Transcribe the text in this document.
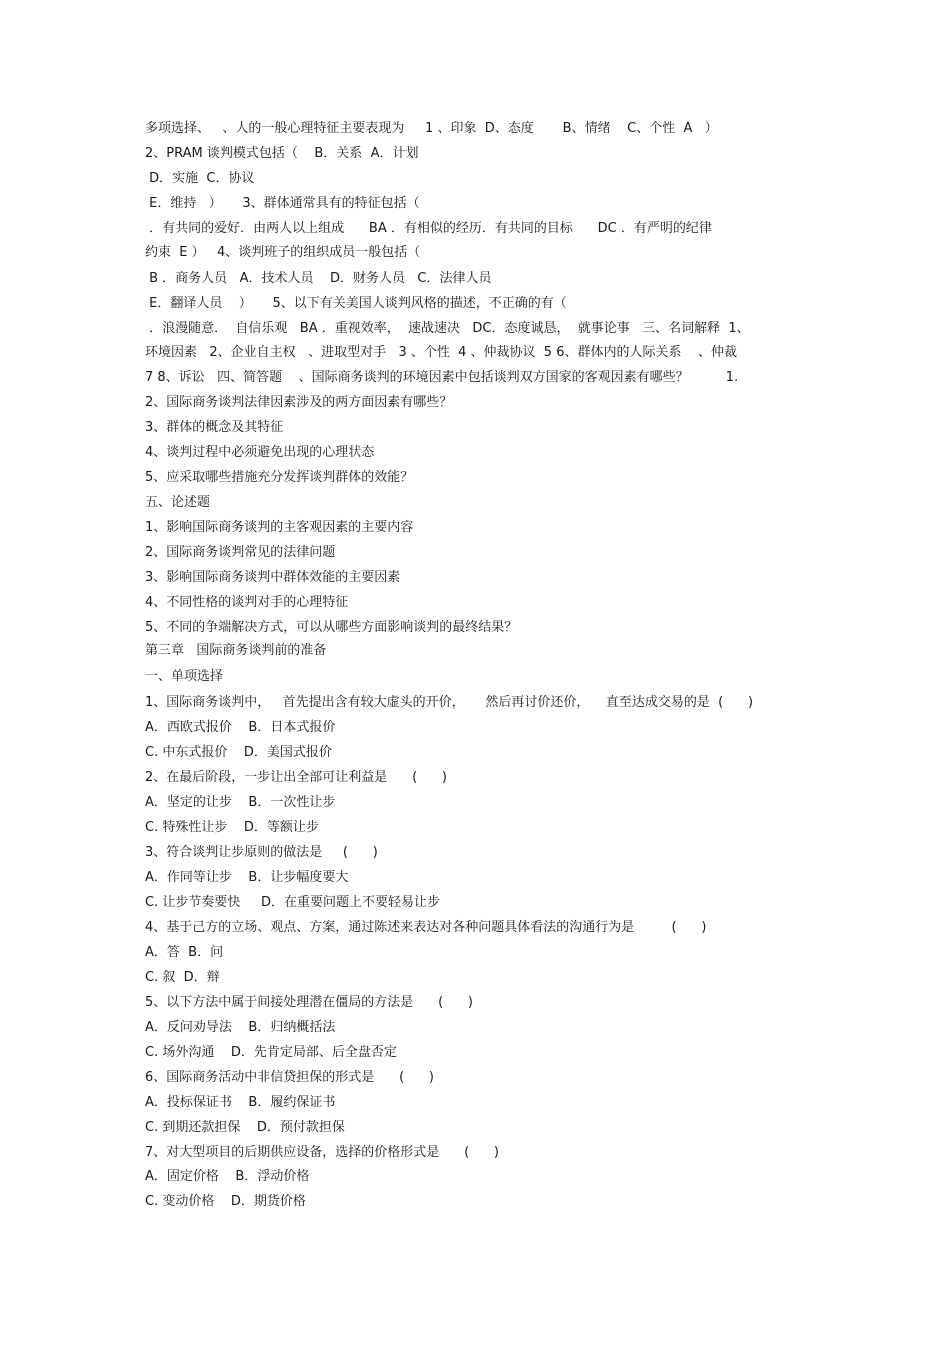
多项选择、   、人的一般心理特征主要表现为     1 、印象  D、态度       B、情绪    C、个性  A   ）
2、PRAM 谈判模式包括（    B．关系  A．计划
D．实施  C．协议
E．维持   ）     3、群体通常具有的特征包括（
．有共同的爱好．由两人以上组成      BA ．有相似的经历．有共同的目标      DC ．有严明的纪律
约束  E ）   4、谈判班子的组织成员一般包括（
B ．商务人员   A．技术人员    D．财务人员   C．法律人员
E．翻译人员    ）     5、以下有关美国人谈判风格的描述，不正确的有（
．浪漫随意．  自信乐观   BA ．重视效率，  速战速决   DC．态度诚恳，  就事论事   三、名词解释  1、
环境因素   2、企业自主权   、进取型对手   3 、个性  4 、仲裁协议  5 6、群体内的人际关系    、仲裁
7 8、诉讼   四、简答题    、国际商务谈判的环境因素中包括谈判双方国家的客观因素有哪些？         1.
2、国际商务谈判法律因素涉及的两方面因素有哪些？
3、群体的概念及其特征
4、谈判过程中必须避免出现的心理状态
5、应采取哪些措施充分发挥谈判群体的效能？
五、论述题
1、影响国际商务谈判的主客观因素的主要内容
2、国际商务谈判常见的法律问题
3、影响国际商务谈判中群体效能的主要因素
4、不同性格的谈判对手的心理特征
5、不同的争端解决方式，可以从哪些方面影响谈判的最终结果？
第三章   国际商务谈判前的准备
一、单项选择
1、国际商务谈判中，   首先提出含有较大虚头的开价，     然后再讨价还价，    直至达成交易的是  (      )
A．西欧式报价    B．日本式报价
C. 中东式报价    D．美国式报价
2、在最后阶段，一步让出全部可让利益是      (      )
A．坚定的让步    B．一次性让步
C. 特殊性让步    D．等额让步
3、符合谈判让步原则的做法是     (      )
A．作同等让步    B．让步幅度要大
C. 让步节奏要快     D．在重要问题上不要轻易让步
4、基于己方的立场、观点、方案，通过陈述来表达对各种问题具体看法的沟通行为是         (      )
A．答  B．问
C. 叙  D．辩
5、以下方法中属于间接处理潜在僵局的方法是      (      )
A．反问劝导法    B．归纳概括法
C. 场外沟通    D．先肯定局部、后全盘否定
6、国际商务活动中非信贷担保的形式是      (      )
A．投标保证书    B．履约保证书
C. 到期还款担保    D．预付款担保
7、对大型项目的后期供应设备，选择的价格形式是      (      )
A．固定价格    B．浮动价格
C. 变动价格    D．期货价格
